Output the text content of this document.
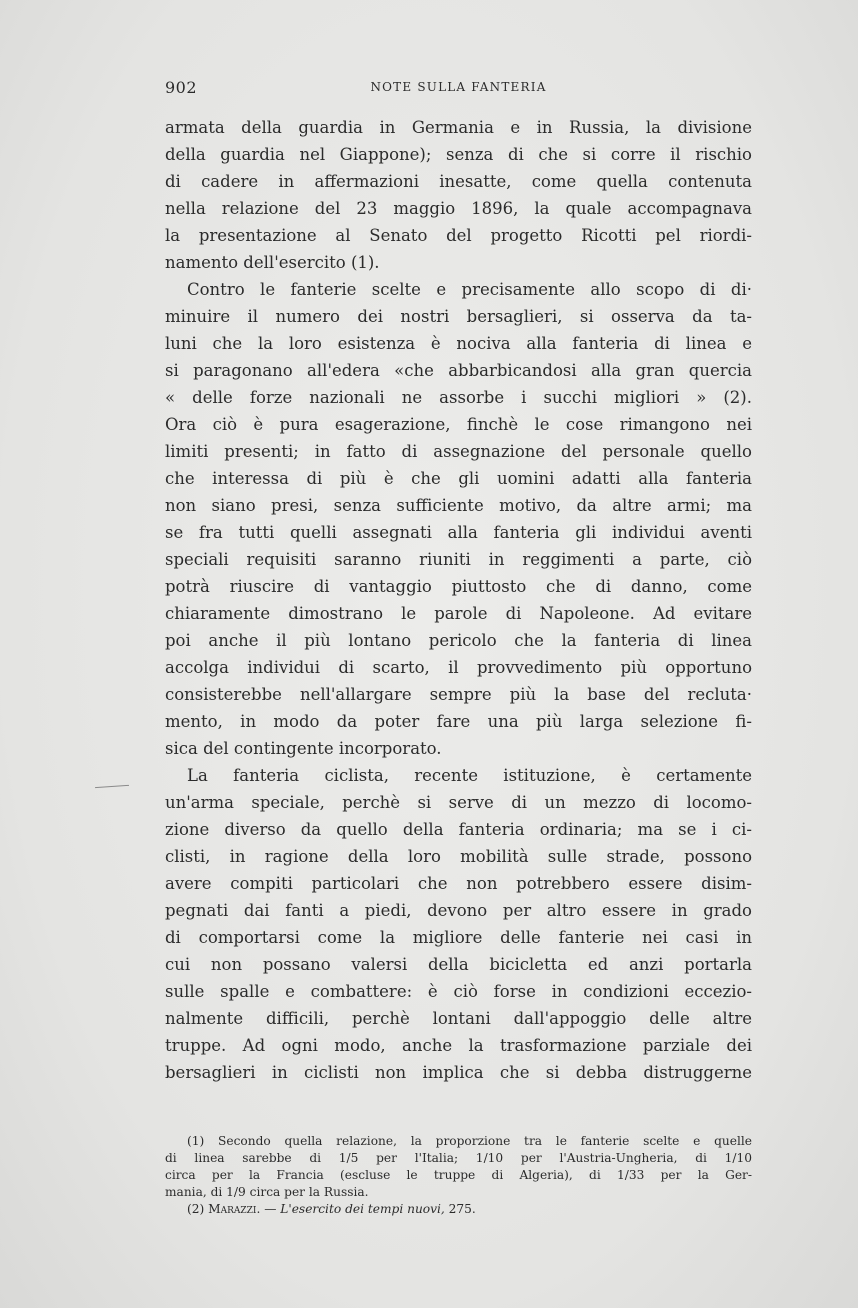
902	NOTE SULLA FANTERIA
armata della guardia in Germania e in Russia, la divisione
della guardia nel Giappone); senza di che si corre il rischio
di cadere in affermazioni inesatte, come quella contenuta
nella relazione del 23 maggio 1896, la quale accompagnava
la presentazione al Senato del progetto Ricotti pel riordi-
namento dell'esercito (1).
Contro le fanterie scelte e precisamente allo scopo di di·
minuire il numero dei nostri bersaglieri, si osserva da ta-
luni che la loro esistenza è nociva alla fanteria di linea e
si paragonano all'edera «che abbarbicandosi alla gran quercia
« delle forze nazionali ne assorbe i succhi migliori » (2).
Ora ciò è pura esagerazione, finchè le cose rimangono nei
limiti presenti; in fatto di assegnazione del personale quello
che interessa di più è che gli uomini adatti alla fanteria
non siano presi, senza sufficiente motivo, da altre armi; ma
se fra tutti quelli assegnati alla fanteria gli individui aventi
speciali requisiti saranno riuniti in reggimenti a parte, ciò
potrà riuscire di vantaggio piuttosto che di danno, come
chiaramente dimostrano le parole di Napoleone. Ad evitare
poi anche il più lontano pericolo che la fanteria di linea
accolga individui di scarto, il provvedimento più opportuno
consisterebbe nell'allargare sempre più la base del recluta·
mento, in modo da poter fare una più larga selezione fi-
sica del contingente incorporato.
La fanteria ciclista, recente istituzione, è certamente
un'arma speciale, perchè si serve di un mezzo di locomo-
zione diverso da quello della fanteria ordinaria; ma se i ci-
clisti, in ragione della loro mobilità sulle strade, possono
avere compiti particolari che non potrebbero essere disim-
pegnati dai fanti a piedi, devono per altro essere in grado
di comportarsi come la migliore delle fanterie nei casi in
cui non possano valersi della bicicletta ed anzi portarla
sulle spalle e combattere: è ciò forse in condizioni eccezio-
nalmente difficili, perchè lontani dall'appoggio delle altre
truppe. Ad ogni modo, anche la trasformazione parziale dei
bersaglieri in ciclisti non implica che si debba distruggerne
(1) Secondo quella relazione, la proporzione tra le fanterie scelte e quelle
di linea sarebbe di 1/5 per l'Italia; 1/10 per l'Austria-Ungheria, di 1/10
circa per la Francia (escluse le truppe di Algeria), di 1/33 per la Ger-
mania, di 1/9 circa per la Russia.
(2) Marazzi. — L'esercito dei tempi nuovi, 275.
